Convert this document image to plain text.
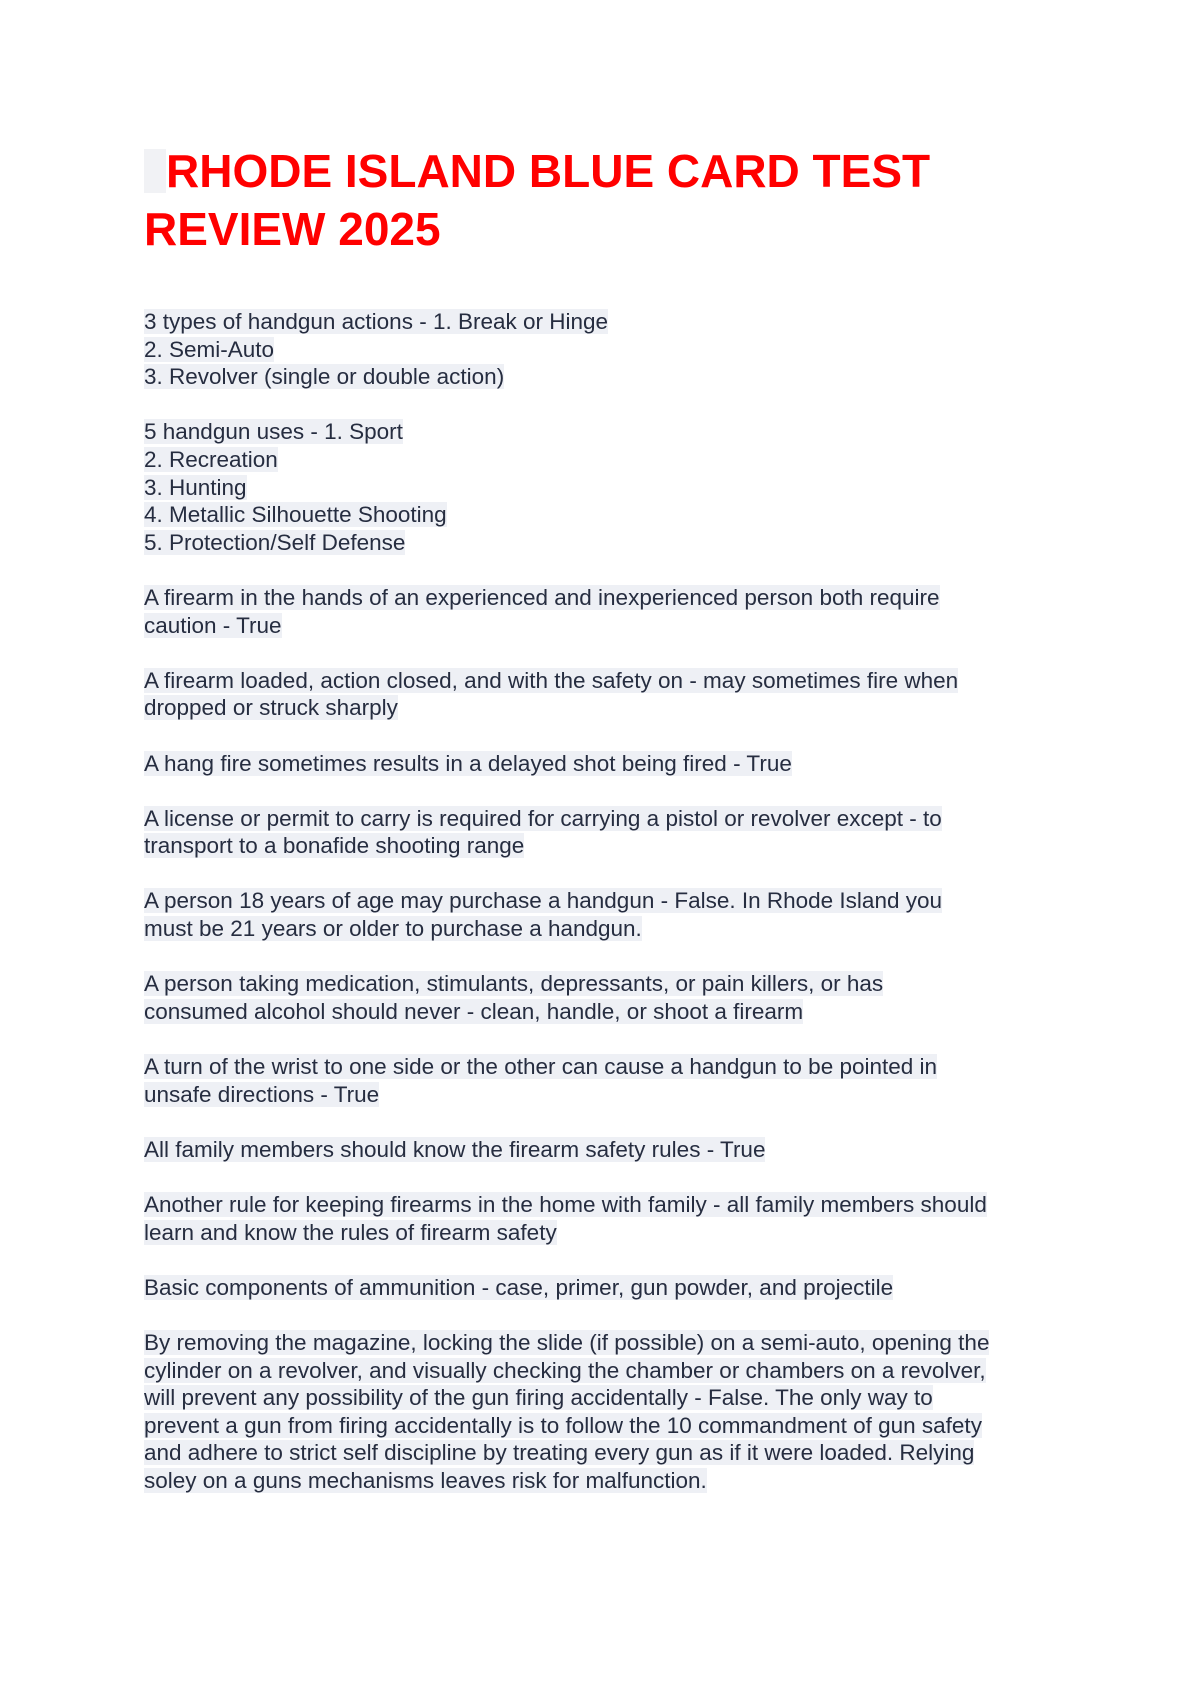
RHODE ISLAND BLUE CARD TEST
REVIEW 2025
3 types of handgun actions - 1. Break or Hinge
2. Semi-Auto
3. Revolver (single or double action)
5 handgun uses - 1. Sport
2. Recreation
3. Hunting
4. Metallic Silhouette Shooting
5. Protection/Self Defense
A firearm in the hands of an experienced and inexperienced person both require
caution - True
A firearm loaded, action closed, and with the safety on - may sometimes fire when
dropped or struck sharply
A hang fire sometimes results in a delayed shot being fired - True
A license or permit to carry is required for carrying a pistol or revolver except - to
transport to a bonafide shooting range
A person 18 years of age may purchase a handgun - False. In Rhode Island you
must be 21 years or older to purchase a handgun.
A person taking medication, stimulants, depressants, or pain killers, or has
consumed alcohol should never - clean, handle, or shoot a firearm
A turn of the wrist to one side or the other can cause a handgun to be pointed in
unsafe directions - True
All family members should know the firearm safety rules - True
Another rule for keeping firearms in the home with family - all family members should
learn and know the rules of firearm safety
Basic components of ammunition - case, primer, gun powder, and projectile
By removing the magazine, locking the slide (if possible) on a semi-auto, opening the
cylinder on a revolver, and visually checking the chamber or chambers on a revolver,
will prevent any possibility of the gun firing accidentally - False. The only way to
prevent a gun from firing accidentally is to follow the 10 commandment of gun safety
and adhere to strict self discipline by treating every gun as if it were loaded. Relying
soley on a guns mechanisms leaves risk for malfunction.
